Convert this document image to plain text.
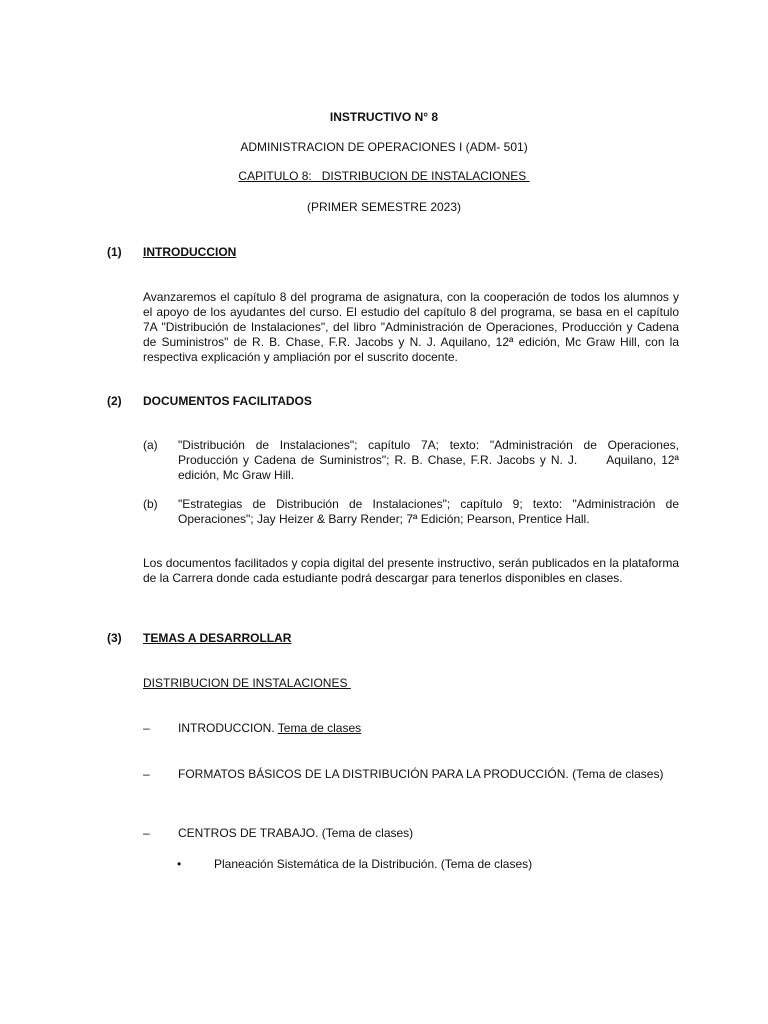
INSTRUCTIVO N° 8
ADMINISTRACION DE OPERACIONES I (ADM- 501)
CAPITULO 8:   DISTRIBUCION DE INSTALACIONES
(PRIMER SEMESTRE 2023)
(1) INTRODUCCION
Avanzaremos el capítulo 8 del programa de asignatura, con la cooperación de todos los alumnos y el apoyo de los ayudantes del curso. El estudio del capítulo 8 del programa, se basa en el capítulo 7A "Distribución de Instalaciones", del libro "Administración de Operaciones, Producción y Cadena de Suministros" de R. B. Chase, F.R. Jacobs y N. J. Aquilano, 12ª edición, Mc Graw Hill, con la respectiva explicación y ampliación por el suscrito docente.
(2) DOCUMENTOS FACILITADOS
(a) "Distribución de Instalaciones"; capítulo 7A; texto: "Administración de Operaciones,
Producción y Cadena de Suministros"; R. B. Chase, F.R. Jacobs y N. J.      Aquilano, 12ª
edición, Mc Graw Hill.
(b) "Estrategias de Distribución de Instalaciones"; capítulo 9; texto: "Administración de
Operaciones"; Jay Heizer & Barry Render; 7ª Edición; Pearson, Prentice Hall.
Los documentos facilitados y copia digital del presente instructivo, serán publicados en la plataforma de la Carrera donde cada estudiante podrá descargar para tenerlos disponibles en clases.
(3) TEMAS A DESARROLLAR
DISTRIBUCION DE INSTALACIONES
– INTRODUCCION. Tema de clases
– FORMATOS BÁSICOS DE LA DISTRIBUCIÓN PARA LA PRODUCCIÓN. (Tema de clases)
– CENTROS DE TRABAJO. (Tema de clases)
•	Planeación Sistemática de la Distribución. (Tema de clases)
